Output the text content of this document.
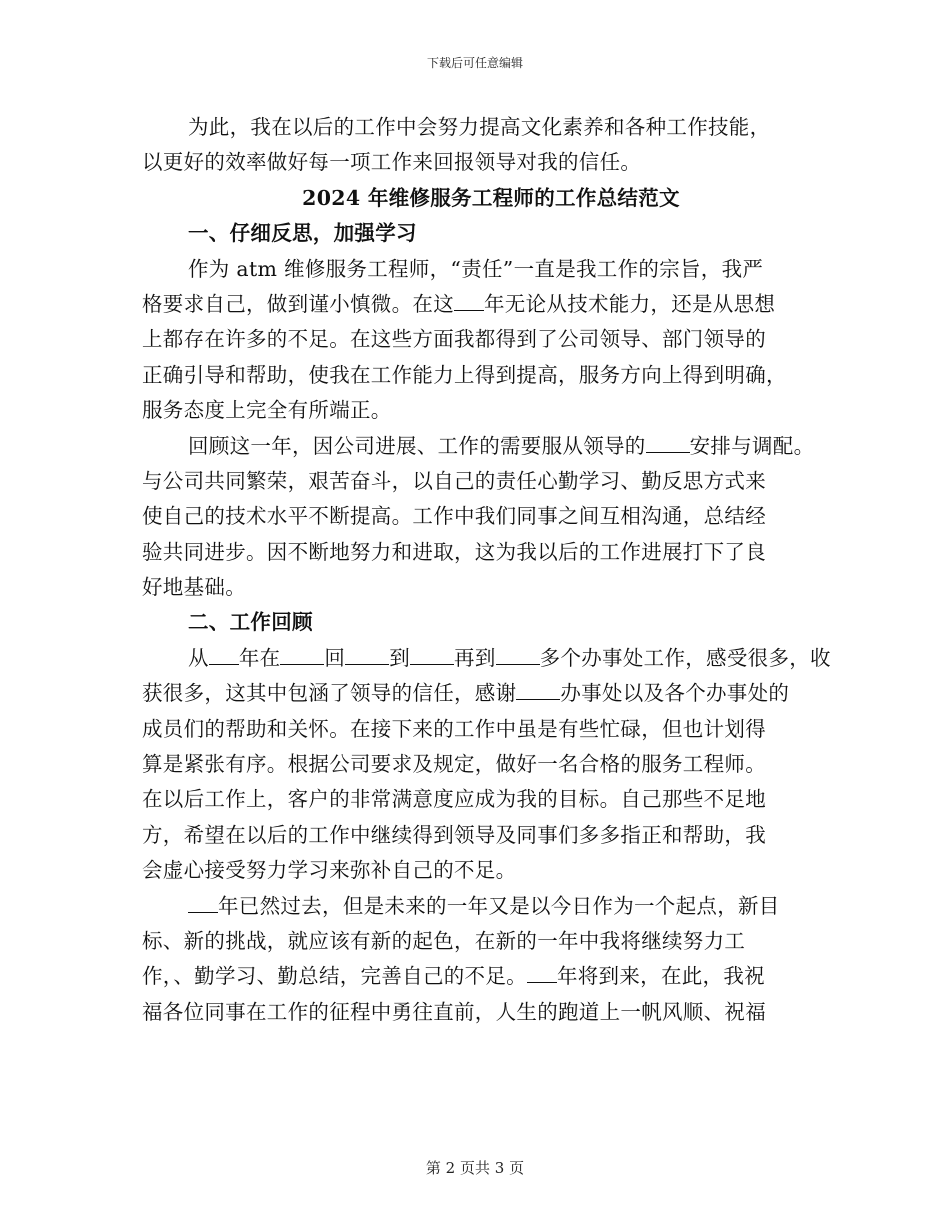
下载后可任意编辑
为此，我在以后的工作中会努力提高文化素养和各种工作技能，
以更好的效率做好每一项工作来回报领导对我的信任。
2024 年维修服务工程师的工作总结范文
一、仔细反思，加强学习
作为 atm 维修服务工程师，“责任”一直是我工作的宗旨，我严
格要求自己，做到谨小慎微。在这 年无论从技术能力，还是从思想
上都存在许多的不足。在这些方面我都得到了公司领导、部门领导的
正确引导和帮助，使我在工作能力上得到提高，服务方向上得到明确，
服务态度上完全有所端正。
回顾这一年，因公司进展、工作的需要服从领导的 安排与调配。
与公司共同繁荣，艰苦奋斗，以自己的责任心勤学习、勤反思方式来
使自己的技术水平不断提高。工作中我们同事之间互相沟通，总结经
验共同进步。因不断地努力和进取，这为我以后的工作进展打下了良
好地基础。
二、工作回顾
从 年在 回 到 再到 多个办事处工作，感受很多，收
获很多，这其中包涵了领导的信任，感谢 办事处以及各个办事处的
成员们的帮助和关怀。在接下来的工作中虽是有些忙碌，但也计划得
算是紧张有序。根据公司要求及规定，做好一名合格的服务工程师。
在以后工作上，客户的非常满意度应成为我的目标。自己那些不足地
方，希望在以后的工作中继续得到领导及同事们多多指正和帮助，我
会虚心接受努力学习来弥补自己的不足。
年已然过去，但是未来的一年又是以今日作为一个起点，新目
标、新的挑战，就应该有新的起色，在新的一年中我将继续努力工
作，、勤学习、勤总结，完善自己的不足。 年将到来，在此，我祝
福各位同事在工作的征程中勇往直前，人生的跑道上一帆风顺、祝福
第 2 页共 3 页
